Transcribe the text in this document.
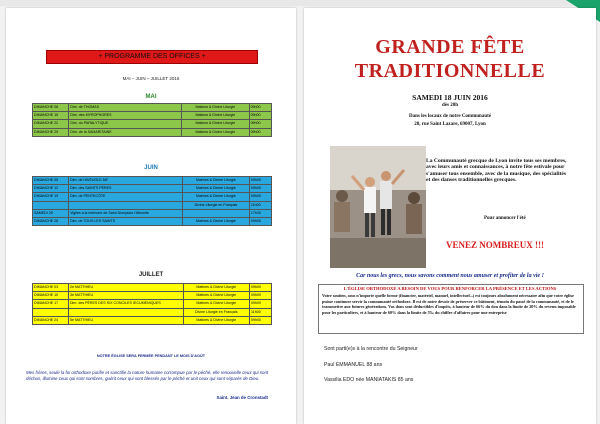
+ PROGRAMME DES OFFICES +
MAI – JUIN – JUILLET 2016
MAI
DIMANCHE 08	Dim. de THOMAS	Matines & Divine Liturgie	09h00
DIMANCHE 15	Dim. des MYROPHORES	Matines & Divine Liturgie	09h00
DIMANCHE 22	Dim. du PARALYTIQUE	Matines & Divine Liturgie	09h00
DIMANCHE 29	Dim. de la SAMARITAINE	Matines & Divine Liturgie	09h00
JUIN
DIMANCHE 05	Dim. de l'AVEUGLE-NÉ	Matines & Divine Liturgie	09h00
DIMANCHE 12	Dim. des SAINTS PÈRES	Matines & Divine Liturgie	09h00
DIMANCHE 19	Dim. de PENTECÔTE	Matines & Divine Liturgie	09h00
		Divine Liturgie en Français	11h00
SAMEDI 25	Vigiles à la mémoire de Saint Dionysios l'Athonite		17h30
DIMANCHE 26	Dim. de TOUS LES SAINTS	Matines & Divine Liturgie	09h00
JUILLET
DIMANCHE 03	2e MATTHIEU	Matines & Divine Liturgie	09h00
DIMANCHE 10	3e MATTHIEU	Matines & Divine Liturgie	09h00
DIMANCHE 17	Dim. des PÈRES DES SIX CONCILES ŒCUMÉNIQUES	Matines & Divine Liturgie	09h00
		Divine Liturgie en Français	11h00
DIMANCHE 24	5e MATTHIEU	Matines & Divine Liturgie	09h00
NOTRE ÉGLISE SERA FERMÉE PENDANT LE MOIS D'AOÛT
Mes frères, seule la foi orthodoxe purifie et sanctifie la nature humaine corrompue par le péché, elle renouvelle ceux qui sont déchus, illumine ceux qui sont sombres, guérit ceux qui sont blessés par le péché et unit ceux qui sont séparés de Dieu.
Saint. Jean de Cronstadt
GRANDE FÊTE
TRADITIONNELLE
SAMEDI 18 JUIN 2016
dès 20h
Dans les locaux de notre Communauté
20, rue Saint Lazare, 69007, Lyon
La Communauté grecque de Lyon invite tous ses membres, avec leurs amis et connaissances, à notre fête estivale pour s'amuser tous ensemble, avec de la musique, des spécialités et des danses traditionnelles grecques.
Pour annoncer l'été
VENEZ NOMBREUX !!!
Car nous les grecs, nous savons comment nous amuser et profiter de la vie !
L'ÉGLISE ORTHODOXE A BESOIN DE VOUS POUR RENFORCER LA PRÉSENCE ET LES ACTIONS
Votre soutien, sous n'importe quelle forme (financier, matériel, manuel, intellectuel...) est toujours absolument nécessaire afin que votre église puisse continuer servir la communauté orthodoxe. Il est de notre devoir de préserver ce bâtiment, témoin du passé de la communauté, et de le transmettre aux futures générations. Vos dons sont déductibles d'impôts, à hauteur de 66% du don dans la limite de 20% du revenu imposable pour les particuliers, et à hauteur de 60% dans la limite de 5‰ du chiffre d'affaires pour une entreprise
Sont parti(e)s à la rencontre du Seigneur
Paul EMMANUEL 88 ans
Vassilia EDO née MANIATAKIS 85 ans
